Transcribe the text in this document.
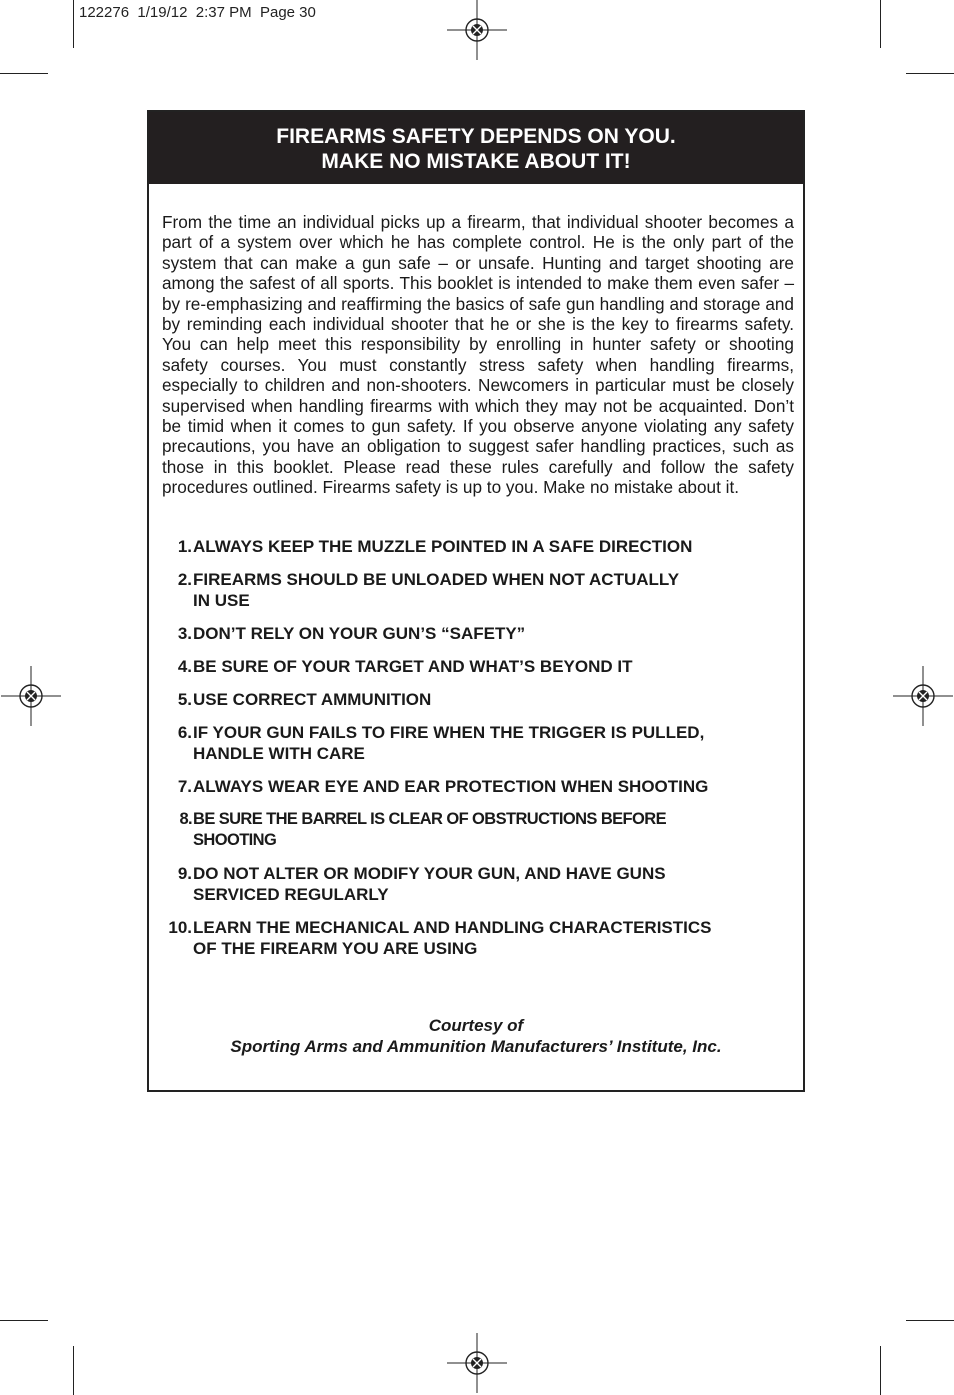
122276  1/19/12  2:37 PM  Page 30
FIREARMS SAFETY DEPENDS ON YOU.
MAKE NO MISTAKE ABOUT IT!

From the time an individual picks up a firearm, that individual shooter becomes a part of a system over which he has complete control. He is the only part of the system that can make a gun safe – or unsafe. Hunting and target shooting are among the safest of all sports. This booklet is intended to make them even safer – by re-emphasizing and reaffirming the basics of safe gun handling and storage and by reminding each individual shooter that he or she is the key to firearms safety. You can help meet this responsibility by enrolling in hunter safety or shooting safety courses. You must constantly stress safety when handling firearms, especially to children and non-shooters. Newcomers in particular must be closely supervised when handling firearms with which they may not be acquainted. Don’t be timid when it comes to gun safety. If you observe anyone violating any safety precautions, you have an obligation to suggest safer handling practices, such as those in this booklet. Please read these rules carefully and follow the safety procedures outlined. Firearms safety is up to you. Make no mistake about it.

1. ALWAYS KEEP THE MUZZLE POINTED IN A SAFE DIRECTION
2. FIREARMS SHOULD BE UNLOADED WHEN NOT ACTUALLY
IN USE
3. DON’T RELY ON YOUR GUN’S “SAFETY”
4. BE SURE OF YOUR TARGET AND WHAT’S BEYOND IT
5. USE CORRECT AMMUNITION
6. IF YOUR GUN FAILS TO FIRE WHEN THE TRIGGER IS PULLED,
HANDLE WITH CARE
7. ALWAYS WEAR EYE AND EAR PROTECTION WHEN SHOOTING
8. BE SURE THE BARREL IS CLEAR OF OBSTRUCTIONS BEFORE
SHOOTING
9. DO NOT ALTER OR MODIFY YOUR GUN, AND HAVE GUNS
SERVICED REGULARLY
10. LEARN THE MECHANICAL AND HANDLING CHARACTERISTICS
OF THE FIREARM YOU ARE USING
Courtesy of
Sporting Arms and Ammunition Manufacturers’ Institute, Inc.
